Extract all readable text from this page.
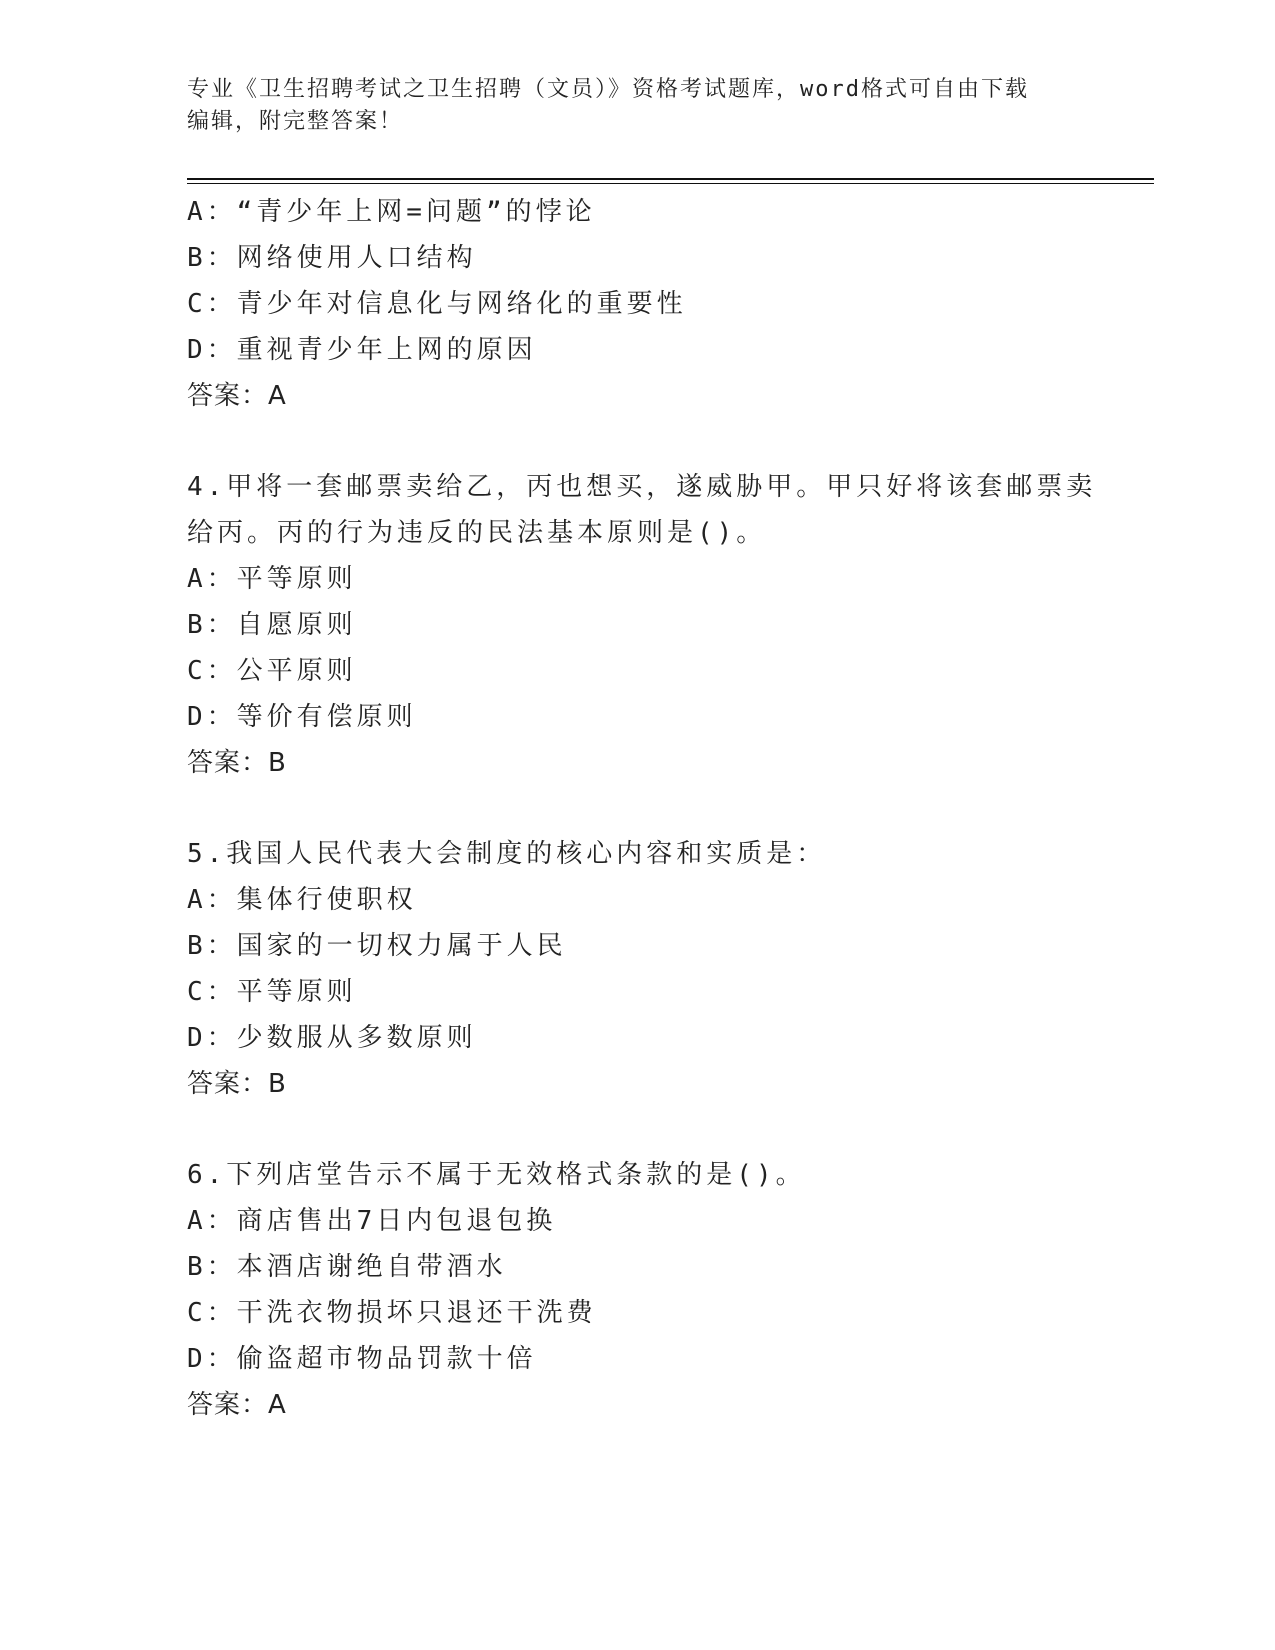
专业《卫生招聘考试之卫生招聘（文员）》资格考试题库，word格式可自由下载
编辑，附完整答案！
A：“青少年上网=问题”的悖论
B：网络使用人口结构
C：青少年对信息化与网络化的重要性
D：重视青少年上网的原因
答案：A
4.甲将一套邮票卖给乙，丙也想买，遂威胁甲。甲只好将该套邮票卖
给丙。丙的行为违反的民法基本原则是()。
A：平等原则
B：自愿原则
C：公平原则
D：等价有偿原则
答案：B
5.我国人民代表大会制度的核心内容和实质是：
A：集体行使职权
B：国家的一切权力属于人民
C：平等原则
D：少数服从多数原则
答案：B
6.下列店堂告示不属于无效格式条款的是()。
A：商店售出7日内包退包换
B：本酒店谢绝自带酒水
C：干洗衣物损坏只退还干洗费
D：偷盗超市物品罚款十倍
答案：A
